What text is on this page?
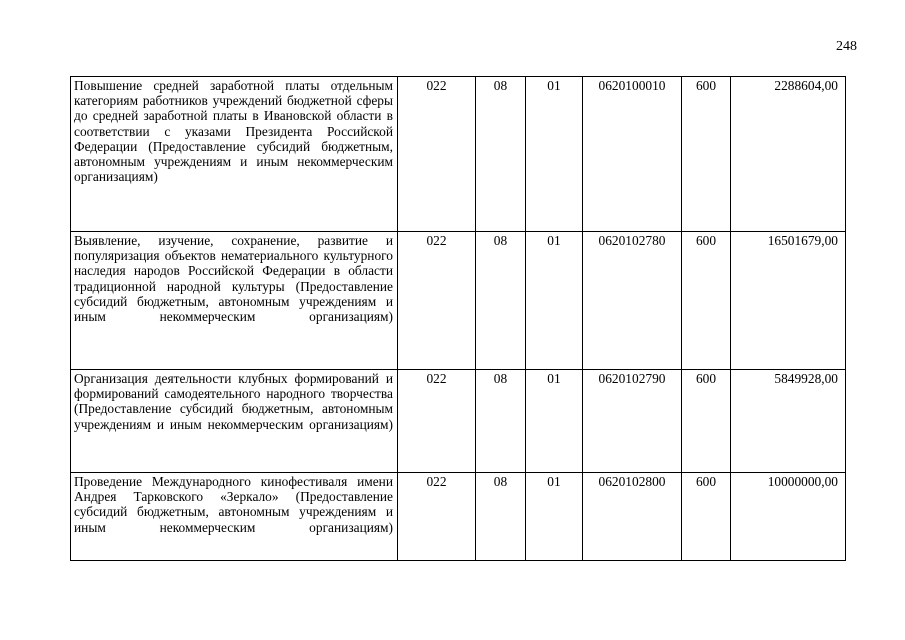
248
Повышение средней заработной платы отдельным категориям работников учреждений бюджетной сферы до средней заработной платы в Ивановской области в соответствии с указами Президента Российской Федерации (Предоставление субсидий бюджетным, автономным учреждениям и иным некоммерческим организациям)	022	08	01	0620100010	600	2288604,00

Выявление, изучение, сохранение, развитие и популяризация объектов нематериального культурного наследия народов Российской Федерации в области традиционной народной культуры (Предоставление субсидий бюджетным, автономным учреждениям и иным некоммерческим организациям)	022	08	01	0620102780	600	16501679,00

Организация деятельности клубных формирований и формирований самодеятельного народного творчества (Предоставление субсидий бюджетным, автономным учреждениям и иным некоммерческим организациям)	022	08	01	0620102790	600	5849928,00

Проведение Международного кинофестиваля имени Андрея Тарковского «Зеркало» (Предоставление субсидий бюджетным, автономным учреждениям и иным некоммерческим организациям)	022	08	01	0620102800	600	10000000,00
